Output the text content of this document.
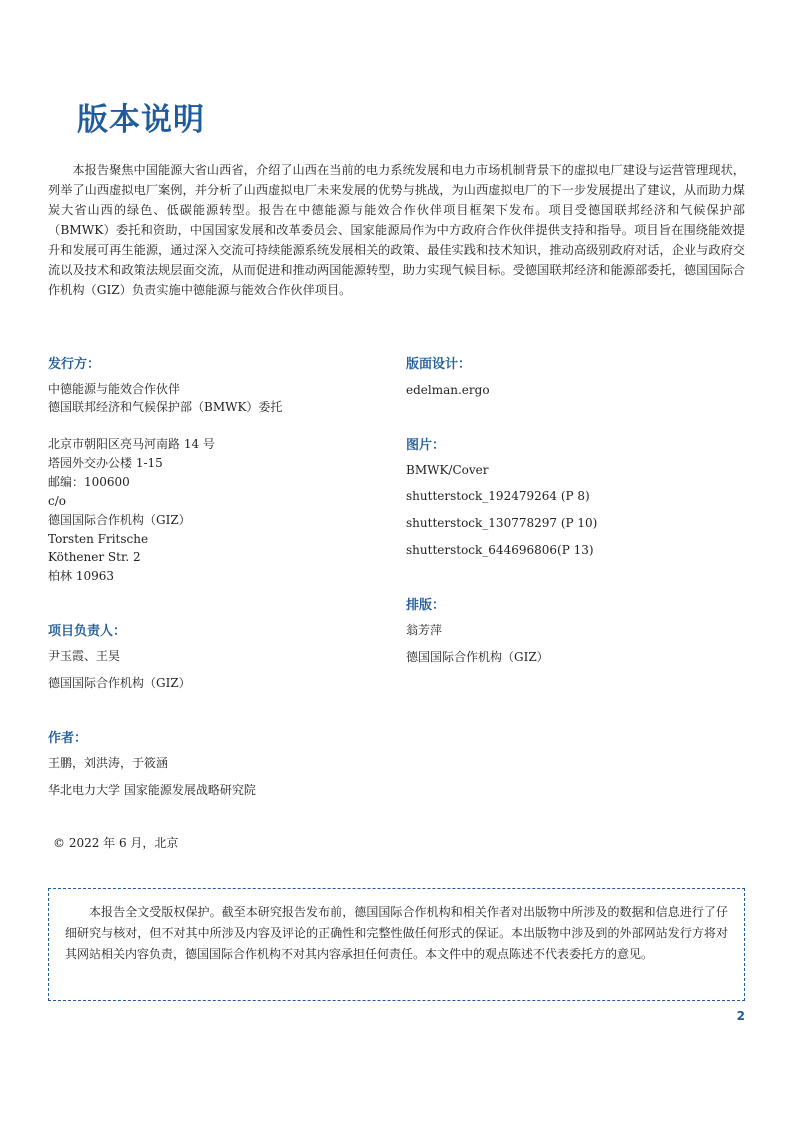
版本说明

本报告聚焦中国能源大省山西省，介绍了山西在当前的电力系统发展和电力市场机制背景下的虚拟电厂建设与运营管理现状，列举了山西虚拟电厂案例，并分析了山西虚拟电厂未来发展的优势与挑战，为山西虚拟电厂的下一步发展提出了建议，从而助力煤炭大省山西的绿色、低碳能源转型。报告在中德能源与能效合作伙伴项目框架下发布。项目受德国联邦经济和气候保护部（BMWK）委托和资助，中国国家发展和改革委员会、国家能源局作为中方政府合作伙伴提供支持和指导。项目旨在围绕能效提升和发展可再生能源，通过深入交流可持续能源系统发展相关的政策、最佳实践和技术知识，推动高级别政府对话，企业与政府交流以及技术和政策法规层面交流，从而促进和推动两国能源转型，助力实现气候目标。受德国联邦经济和能源部委托，德国国际合作机构（GIZ）负责实施中德能源与能效合作伙伴项目。

发行方：
中德能源与能效合作伙伴
德国联邦经济和气候保护部（BMWK）委托
北京市朝阳区亮马河南路 14 号
塔园外交办公楼 1-15
邮编：100600
c/o
德国国际合作机构（GIZ）
Torsten Fritsche
Köthener Str. 2
柏林 10963
项目负责人：
尹玉霞、王昊
德国国际合作机构（GIZ）
作者：
王鹏，刘洪涛，于筱涵
华北电力大学 国家能源发展战略研究院
© 2022 年 6 月，北京
版面设计：
edelman.ergo
图片：
BMWK/Cover
shutterstock_192479264 (P 8)
shutterstock_130778297 (P 10)
shutterstock_644696806(P 13)
排版：
翁芳萍
德国国际合作机构（GIZ）

本报告全文受版权保护。截至本研究报告发布前，德国国际合作机构和相关作者对出版物中所涉及的数据和信息进行了仔细研究与核对，但不对其中所涉及内容及评论的正确性和完整性做任何形式的保证。本出版物中涉及到的外部网站发行方将对其网站相关内容负责，德国国际合作机构不对其内容承担任何责任。本文件中的观点陈述不代表委托方的意见。

2
